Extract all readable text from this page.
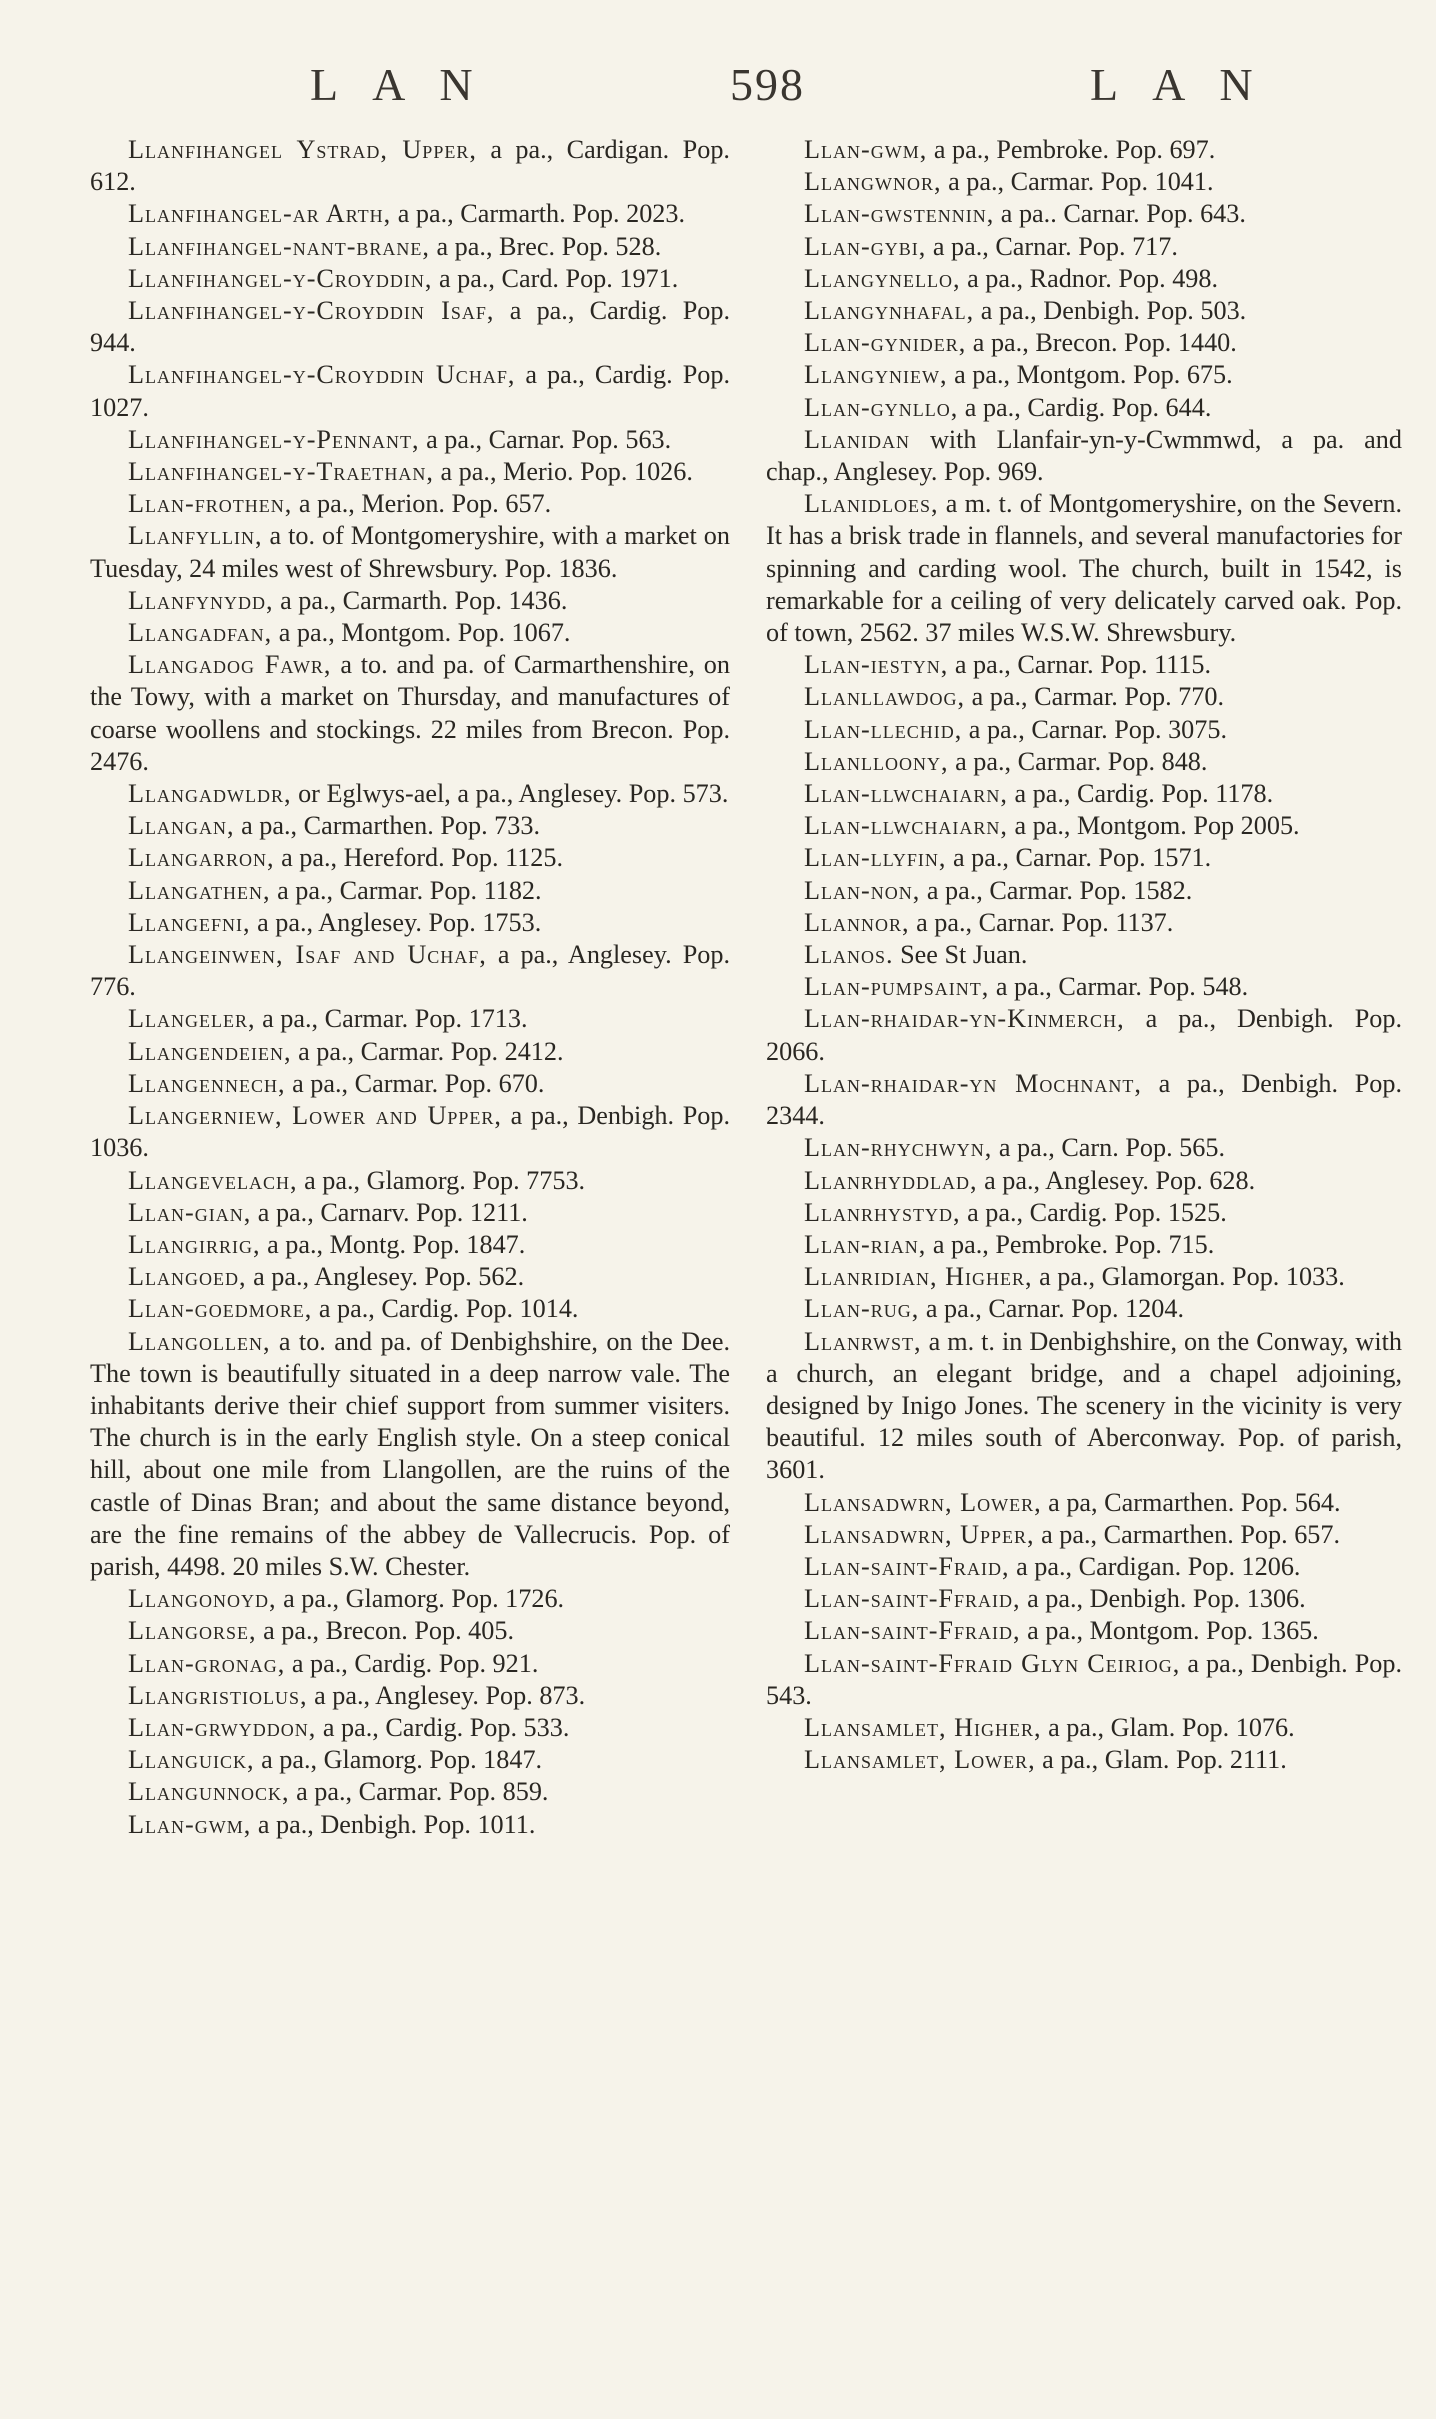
LAN	598	LAN

Llanfihangel Ystrad, Upper, a pa., Cardigan. Pop. 612.

Llanfihangel-ar Arth, a pa., Carmarth. Pop. 2023.

Llanfihangel-nant-brane, a pa., Brec. Pop. 528.

Llanfihangel-y-Croyddin, a pa., Card. Pop. 1971.

Llanfihangel-y-Croyddin Isaf, a pa., Cardig. Pop. 944.

Llanfihangel-y-Croyddin Uchaf, a pa., Cardig. Pop. 1027.

Llanfihangel-y-Pennant, a pa., Carnar. Pop. 563.

Llanfihangel-y-Traethan, a pa., Merio. Pop. 1026.

Llan-frothen, a pa., Merion. Pop. 657.

Llanfyllin, a to. of Montgomeryshire, with a market on Tuesday, 24 miles west of Shrewsbury. Pop. 1836.

Llanfynydd, a pa., Carmarth. Pop. 1436.

Llangadfan, a pa., Montgom. Pop. 1067.

Llangadog Fawr, a to. and pa. of Carmarthenshire, on the Towy, with a market on Thursday, and manufactures of coarse woollens and stockings. 22 miles from Brecon. Pop. 2476.

Llangadwldr, or Eglwys-ael, a pa., Anglesey. Pop. 573.

Llangan, a pa., Carmarthen. Pop. 733.

Llangarron, a pa., Hereford. Pop. 1125.

Llangathen, a pa., Carmar. Pop. 1182.

Llangefni, a pa., Anglesey. Pop. 1753.

Llangeinwen, Isaf and Uchaf, a pa., Anglesey. Pop. 776.

Llangeler, a pa., Carmar. Pop. 1713.

Llangendeien, a pa., Carmar. Pop. 2412.

Llangennech, a pa., Carmar. Pop. 670.

Llangerniew, Lower and Upper, a pa., Denbigh. Pop. 1036.

Llangevelach, a pa., Glamorg. Pop. 7753.

Llan-gian, a pa., Carnarv. Pop. 1211.

Llangirrig, a pa., Montg. Pop. 1847.

Llangoed, a pa., Anglesey. Pop. 562.

Llan-goedmore, a pa., Cardig. Pop. 1014.

Llangollen, a to. and pa. of Denbighshire, on the Dee. The town is beautifully situated in a deep narrow vale. The inhabitants derive their chief support from summer visiters. The church is in the early English style. On a steep conical hill, about one mile from Llangollen, are the ruins of the castle of Dinas Bran; and about the same distance beyond, are the fine remains of the abbey de Vallecrucis. Pop. of parish, 4498. 20 miles S.W. Chester.

Llangonoyd, a pa., Glamorg. Pop. 1726.

Llangorse, a pa., Brecon. Pop. 405.

Llan-gronag, a pa., Cardig. Pop. 921.

Llangristiolus, a pa., Anglesey. Pop. 873.

Llan-grwyddon, a pa., Cardig. Pop. 533.

Llanguick, a pa., Glamorg. Pop. 1847.

Llangunnock, a pa., Carmar. Pop. 859.

Llan-gwm, a pa., Denbigh. Pop. 1011.

Llan-gwm, a pa., Pembroke. Pop. 697.

Llangwnor, a pa., Carmar. Pop. 1041.

Llan-gwstennin, a pa.. Carnar. Pop. 643.

Llan-gybi, a pa., Carnar. Pop. 717.

Llangynello, a pa., Radnor. Pop. 498.

Llangynhafal, a pa., Denbigh. Pop. 503.

Llan-gynider, a pa., Brecon. Pop. 1440.

Llangyniew, a pa., Montgom. Pop. 675.

Llan-gynllo, a pa., Cardig. Pop. 644.

Llanidan with Llanfair-yn-y-Cwmmwd, a pa. and chap., Anglesey. Pop. 969.

Llanidloes, a m. t. of Montgomeryshire, on the Severn. It has a brisk trade in flannels, and several manufactories for spinning and carding wool. The church, built in 1542, is remarkable for a ceiling of very delicately carved oak. Pop. of town, 2562. 37 miles W.S.W. Shrewsbury.

Llan-iestyn, a pa., Carnar. Pop. 1115.

Llanllawdog, a pa., Carmar. Pop. 770.

Llan-llechid, a pa., Carnar. Pop. 3075.

Llanlloony, a pa., Carmar. Pop. 848.

Llan-llwchaiarn, a pa., Cardig. Pop. 1178.

Llan-llwchaiarn, a pa., Montgom. Pop 2005.

Llan-llyfin, a pa., Carnar. Pop. 1571.

Llan-non, a pa., Carmar. Pop. 1582.

Llannor, a pa., Carnar. Pop. 1137.

Llanos. See St Juan.

Llan-pumpsaint, a pa., Carmar. Pop. 548.

Llan-rhaidar-yn-Kinmerch, a pa., Denbigh. Pop. 2066.

Llan-rhaidar-yn Mochnant, a pa., Denbigh. Pop. 2344.

Llan-rhychwyn, a pa., Carn. Pop. 565.

Llanrhyddlad, a pa., Anglesey. Pop. 628.

Llanrhystyd, a pa., Cardig. Pop. 1525.

Llan-rian, a pa., Pembroke. Pop. 715.

Llanridian, Higher, a pa., Glamorgan. Pop. 1033.

Llan-rug, a pa., Carnar. Pop. 1204.

Llanrwst, a m. t. in Denbighshire, on the Conway, with a church, an elegant bridge, and a chapel adjoining, designed by Inigo Jones. The scenery in the vicinity is very beautiful. 12 miles south of Aberconway. Pop. of parish, 3601.

Llansadwrn, Lower, a pa, Carmarthen. Pop. 564.

Llansadwrn, Upper, a pa., Carmarthen. Pop. 657.

Llan-saint-Fraid, a pa., Cardigan. Pop. 1206.

Llan-saint-Ffraid, a pa., Denbigh. Pop. 1306.

Llan-saint-Ffraid, a pa., Montgom. Pop. 1365.

Llan-saint-Ffraid Glyn Ceiriog, a pa., Denbigh. Pop. 543.

Llansamlet, Higher, a pa., Glam. Pop. 1076.

Llansamlet, Lower, a pa., Glam. Pop. 2111.
